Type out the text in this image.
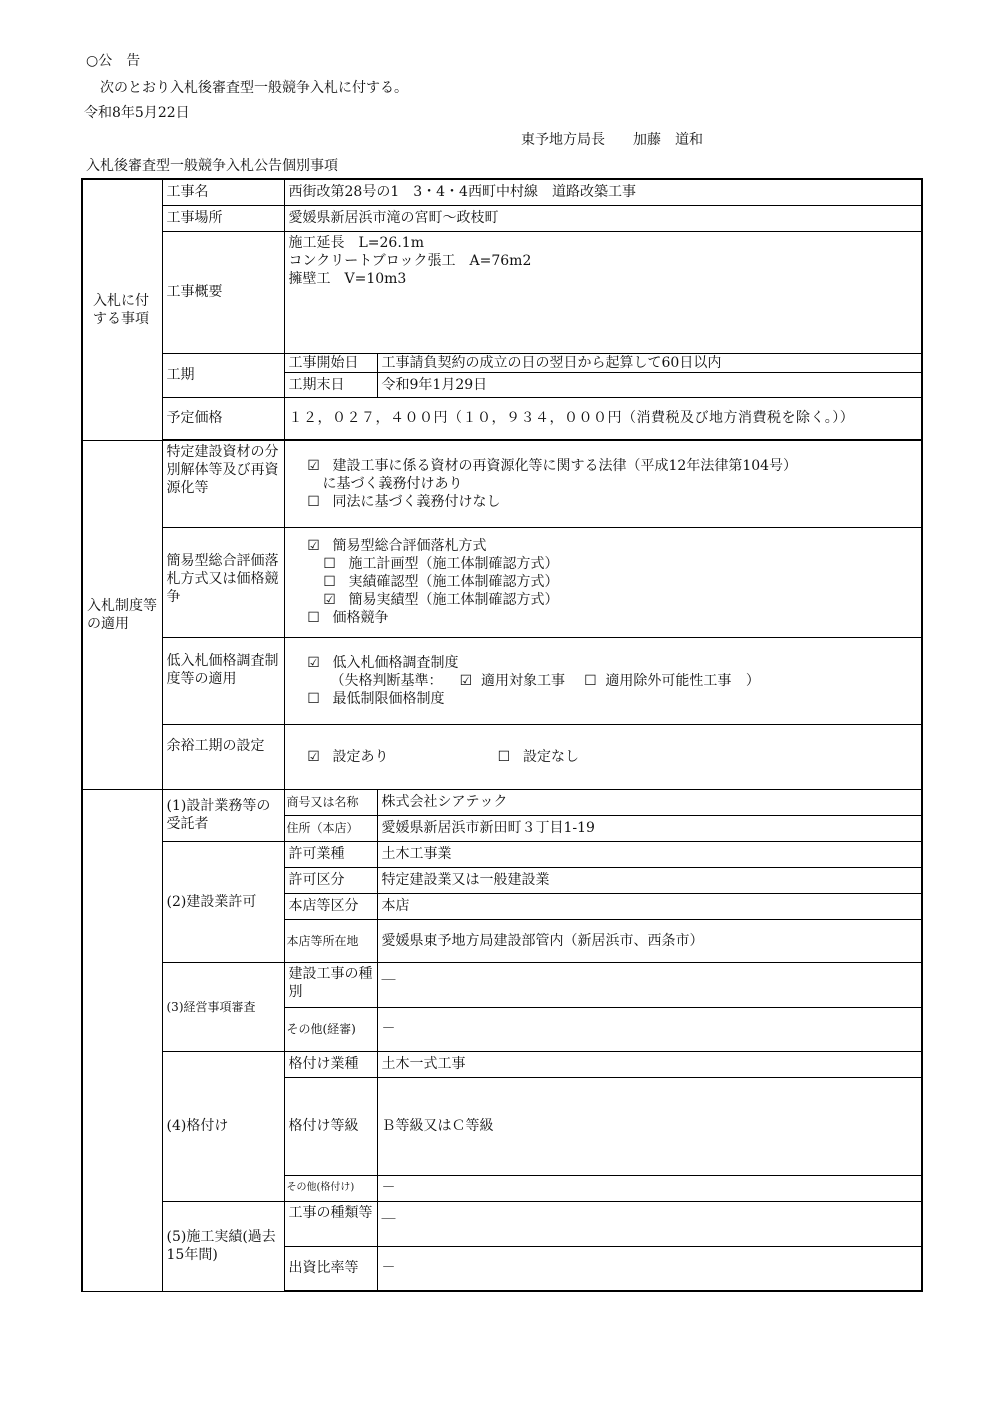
○公　告
次のとおり入札後審査型一般競争入札に付する。
令和8年5月22日
東予地方局長　　加藤　道和
入札後審査型一般競争入札公告個別事項
入札に付する事項	工事名	西街改第28号の1　3・4・4西町中村線　道路改築工事	
	工事場所	愛媛県新居浜市滝の宮町～政枝町	
	工事概要	施工延長　L=26.1m
コンクリートブロック張工　A=76m2
擁壁工　V=10m3	

	工期	工事開始日	工事請負契約の成立の日の翌日から起算して60日以内
		工期末日	令和9年1月29日
	予定価格	１２，０２７，４００円（１０，９３４，０００円（消費税及び地方消費税を除く。））	

入札制度等の適用	特定建設資材の分別解体等及び再資源化等	☑ 建設工事に係る資材の再資源化等に関する法律（平成12年法律第104号）
に基づく義務付けあり
☐ 同法に基づく義務付けなし	

	簡易型総合評価落札方式又は価格競争	☑ 簡易型総合評価落札方式
☐ 施工計画型（施工体制確認方式）
☐ 実績確認型（施工体制確認方式）
☑ 簡易実績型（施工体制確認方式）
☐ 価格競争	

	低入札価格調査制度等の適用	☑ 低入札価格調査制度
（失格判断基準： ☑ 適用対象工事 ☐ 適用除外可能性工事 ）
☐ 最低制限価格制度	

	余裕工期の設定	☑ 設定あり ☐ 設定なし	
	(1)設計業務等の受託者	商号又は名称	株式会社シアテック
		住所（本店）	愛媛県新居浜市新田町３丁目1-19
	(2)建設業許可	許可業種	土木工事業
		許可区分	特定建設業又は一般建設業
		本店等区分	本店
		本店等所在地	愛媛県東予地方局建設部管内（新居浜市、西条市）
	(3)経営事項審査	建設工事の種別	＿
		その他(経審)	－
	(4)格付け	格付け業種	土木一式工事
		格付け等級	Ｂ等級又はＣ等級
		その他(格付け)	－
	(5)施工実績(過去15年間)	工事の種類等	＿
		出資比率等	－
